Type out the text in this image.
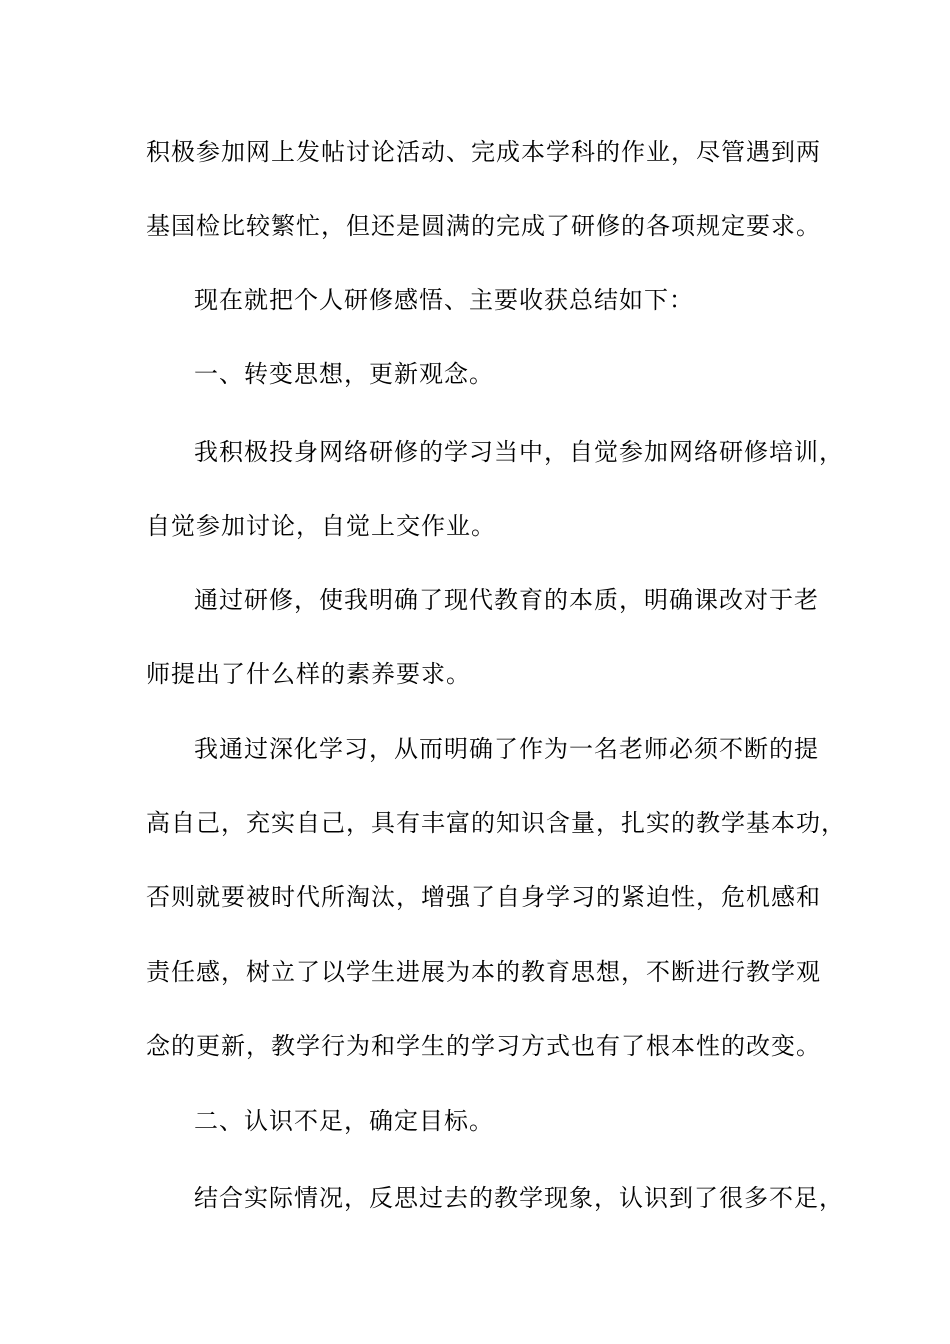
积极参加网上发帖讨论活动、完成本学科的作业，尽管遇到两
基国检比较繁忙，但还是圆满的完成了研修的各项规定要求。
现在就把个人研修感悟、主要收获总结如下：
一、转变思想，更新观念。
我积极投身网络研修的学习当中，自觉参加网络研修培训，
自觉参加讨论，自觉上交作业。
通过研修，使我明确了现代教育的本质，明确课改对于老
师提出了什么样的素养要求。
我通过深化学习，从而明确了作为一名老师必须不断的提
高自己，充实自己，具有丰富的知识含量，扎实的教学基本功，
否则就要被时代所淘汰，增强了自身学习的紧迫性，危机感和
责任感，树立了以学生进展为本的教育思想，不断进行教学观
念的更新，教学行为和学生的学习方式也有了根本性的改变。
二、认识不足，确定目标。
结合实际情况，反思过去的教学现象，认识到了很多不足，
